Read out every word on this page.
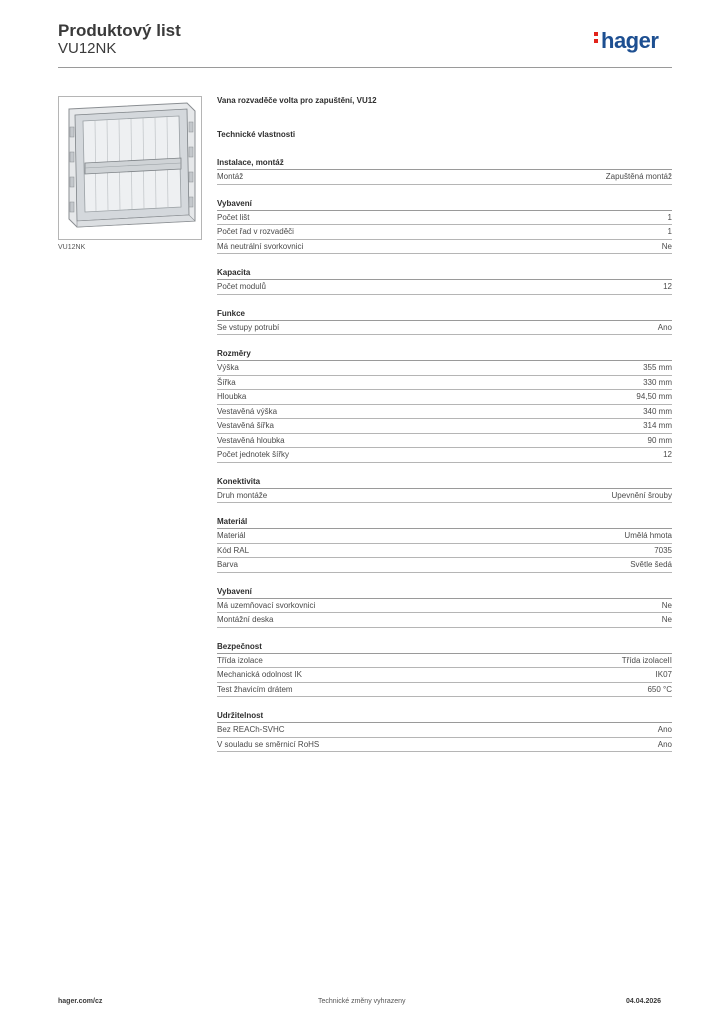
Produktový list
VU12NK	hager
VU12NK
Vana rozvaděče volta pro zapuštění, VU12
Technické vlastnosti
Instalace, montáž
Montáž	Zapuštěná montáž
Vybavení
Počet lišt	1
Počet řad v rozvaděči	1
Má neutrální svorkovnici	Ne
Kapacita
Počet modulů	12
Funkce
Se vstupy potrubí	Ano
Rozměry
Výška	355 mm
Šířka	330 mm
Hloubka	94,50 mm
Vestavěná výška	340 mm
Vestavěná šířka	314 mm
Vestavěná hloubka	90 mm
Počet jednotek šířky	12
Konektivita
Druh montáže	Upevnění šrouby
Materiál
Materiál	Umělá hmota
Kód RAL	7035
Barva	Světle šedá
Vybavení
Má uzemňovací svorkovnici	Ne
Montážní deska	Ne
Bezpečnost
Třída izolace	Třída izolaceII
Mechanická odolnost IK	IK07
Test žhavicím drátem	650 °C
Udržitelnost
Bez REACh-SVHC	Ano
V souladu se směrnicí RoHS	Ano
hager.com/cz	Technické změny vyhrazeny	04.04.2026
